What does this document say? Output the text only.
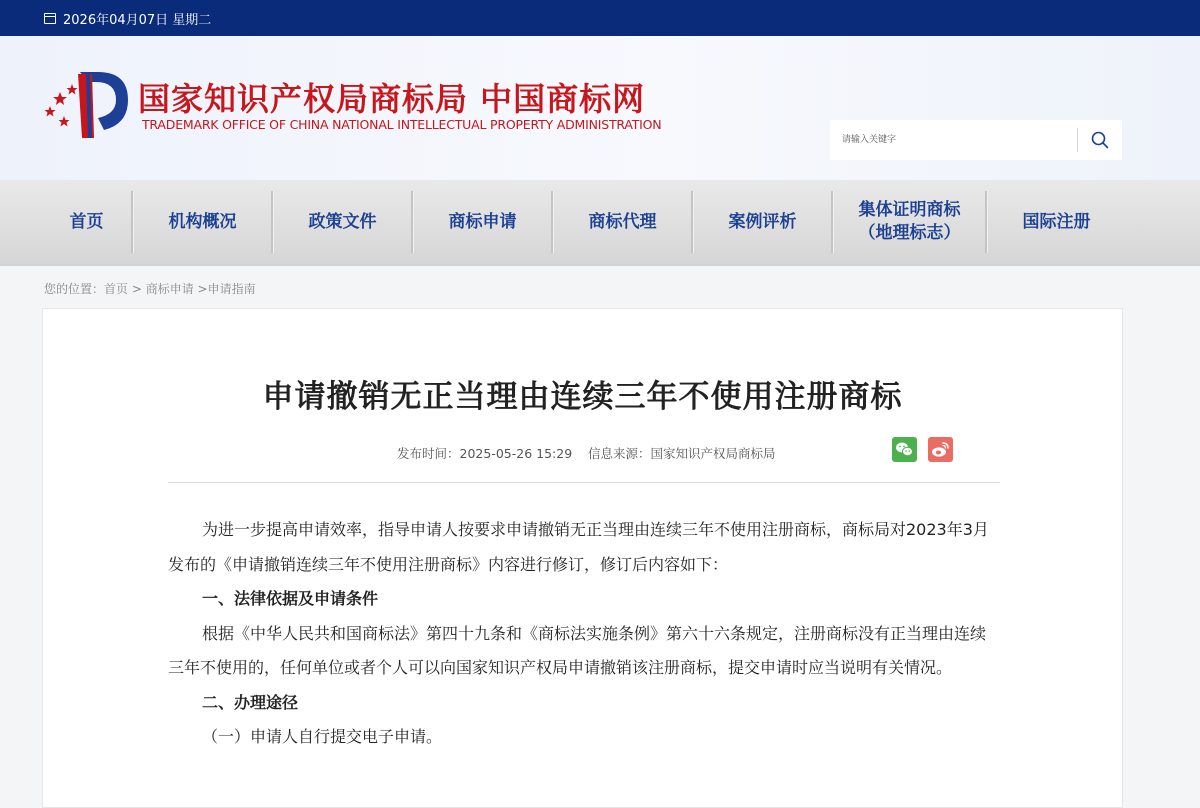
2026年04月07日 星期二
国家知识产权局商标局 中国商标网
TRADEMARK OFFICE OF CHINA NATIONAL INTELLECTUAL PROPERTY ADMINISTRATION
请输入关键字
首页	机构概况	政策文件	商标申请	商标代理	案例评析
集体证明商标
（地理标志）
国际注册
您的位置：首页 > 商标申请 >申请指南
申请撤销无正当理由连续三年不使用注册商标
发布时间：2025-05-26 15:29    信息来源：国家知识产权局商标局

为进一步提高申请效率，指导申请人按要求申请撤销无正当理由连续三年不使用注册商标，商标局对2023年3月发布的《申请撤销连续三年不使用注册商标》内容进行修订，修订后内容如下：

一、法律依据及申请条件

根据《中华人民共和国商标法》第四十九条和《商标法实施条例》第六十六条规定，注册商标没有正当理由连续三年不使用的，任何单位或者个人可以向国家知识产权局申请撤销该注册商标，提交申请时应当说明有关情况。

二、办理途径

（一）申请人自行提交电子申请。
